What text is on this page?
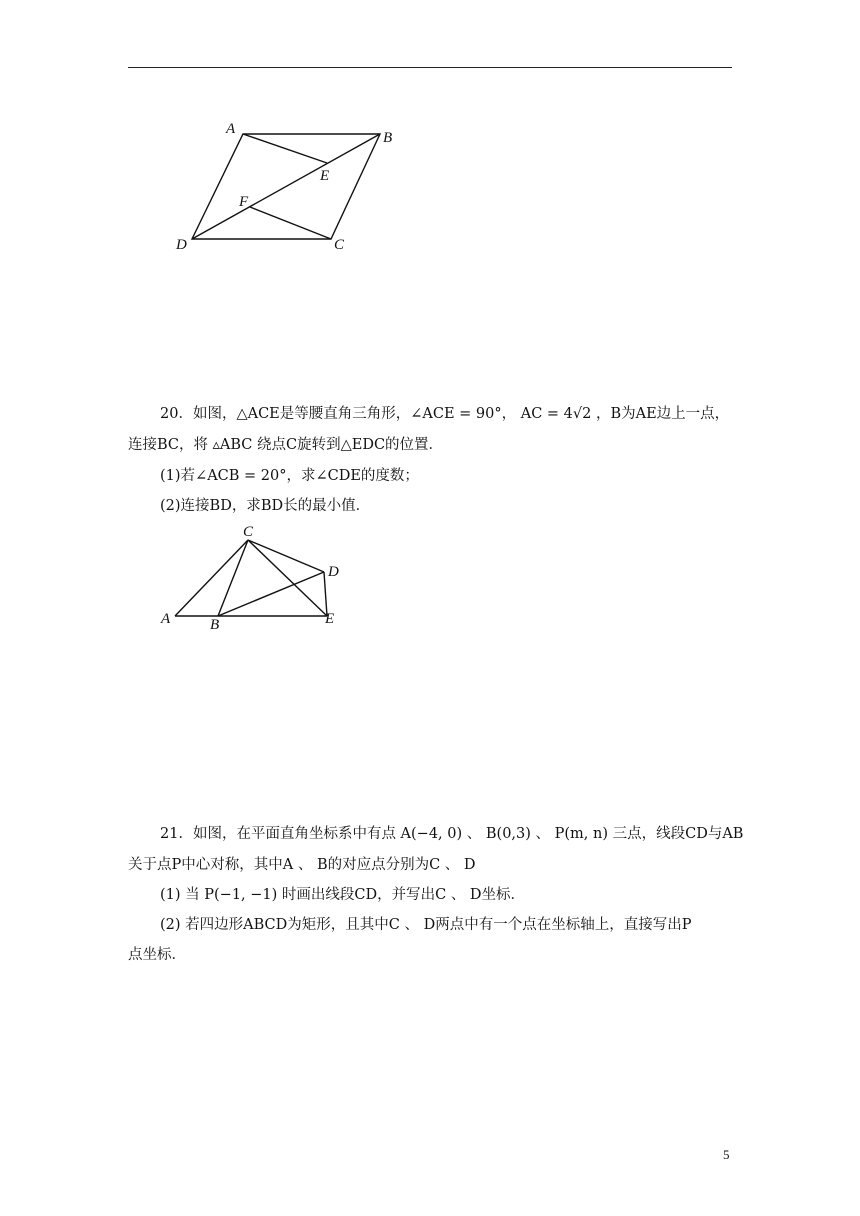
A
B
E
F
D	C
20．如图，△ACE是等腰直角三角形，∠ACE = 90°， AC = 4√2 ，B为AE边上一点，
连接BC，将 ▵ABC 绕点C旋转到△EDC的位置．
(1)若∠ACB = 20°，求∠CDE的度数；
(2)连接BD，求BD长的最小值．
C
D
A	B	E
21．如图，在平面直角坐标系中有点 A(−4, 0) 、 B(0,3) 、 P(m, n) 三点，线段CD与AB
关于点P中心对称，其中A 、 B的对应点分别为C 、 D
(1) 当 P(−1, −1) 时画出线段CD，并写出C 、 D坐标．
(2) 若四边形ABCD为矩形，且其中C 、 D两点中有一个点在坐标轴上，直接写出P
点坐标．
5
